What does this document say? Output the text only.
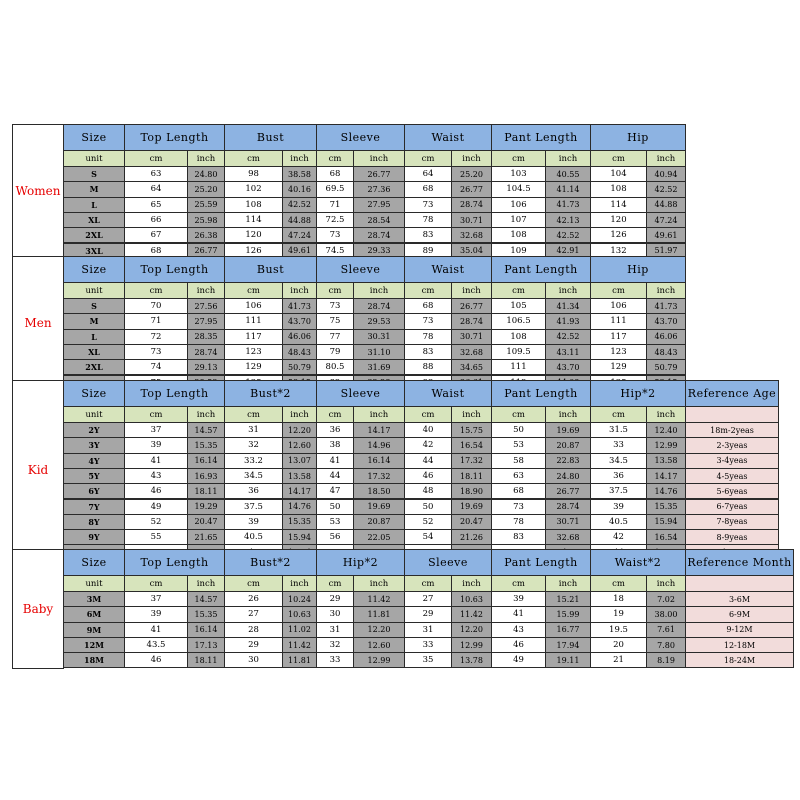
Women
Size	Top Length	Bust	Sleeve	Waist	Pant Length	Hip
unit	cm	inch	cm	inch	cm	inch	cm	inch	cm	inch	cm	inch
S	63	24.80	98	38.58	68	26.77	64	25.20	103	40.55	104	40.94
M	64	25.20	102	40.16	69.5	27.36	68	26.77	104.5	41.14	108	42.52
L	65	25.59	108	42.52	71	27.95	73	28.74	106	41.73	114	44.88
XL	66	25.98	114	44.88	72.5	28.54	78	30.71	107	42.13	120	47.24
2XL	67	26.38	120	47.24	73	28.74	83	32.68	108	42.52	126	49.61
3XL	68	26.77	126	49.61	74.5	29.33	89	35.04	109	42.91	132	51.97
Men
Size	Top Length	Bust	Sleeve	Waist	Pant Length	Hip
unit	cm	inch	cm	inch	cm	inch	cm	inch	cm	inch	cm	inch
S	70	27.56	106	41.73	73	28.74	68	26.77	105	41.34	106	41.73
M	71	27.95	111	43.70	75	29.53	73	28.74	106.5	41.93	111	43.70
L	72	28.35	117	46.06	77	30.31	78	30.71	108	42.52	117	46.06
XL	73	28.74	123	48.43	79	31.10	83	32.68	109.5	43.11	123	48.43
2XL	74	29.13	129	50.79	80.5	31.69	88	34.65	111	43.70	129	50.79
Kid
Size	Top Length	Bust*2	Sleeve	Waist	Pant Length	Hip*2	Reference Age
unit	cm	inch	cm	inch	cm	inch	cm	inch	cm	inch	cm	inch
2Y	37	14.57	31	12.20	36	14.17	40	15.75	50	19.69	31.5	12.40	18m-2yeas
3Y	39	15.35	32	12.60	38	14.96	42	16.54	53	20.87	33	12.99	2-3yeas
4Y	41	16.14	33.2	13.07	41	16.14	44	17.32	58	22.83	34.5	13.58	3-4yeas
5Y	43	16.93	34.5	13.58	44	17.32	46	18.11	63	24.80	36	14.17	4-5yeas
6Y	46	18.11	36	14.17	47	18.50	48	18.90	68	26.77	37.5	14.76	5-6yeas
7Y	49	19.29	37.5	14.76	50	19.69	50	19.69	73	28.74	39	15.35	6-7yeas
8Y	52	20.47	39	15.35	53	20.87	52	20.47	78	30.71	40.5	15.94	7-8yeas
9Y	55	21.65	40.5	15.94	56	22.05	54	21.26	83	32.68	42	16.54	8-9yeas
Baby
Size	Top Length	Bust*2	Hip*2	Sleeve	Pant Length	Waist*2	Reference Month
unit	cm	inch	cm	inch	cm	inch	cm	inch	cm	inch	cm	inch
3M	37	14.57	26	10.24	29	11.42	27	10.63	39	15.21	18	7.02	3-6M
6M	39	15.35	27	10.63	30	11.81	29	11.42	41	15.99	19	38.00	6-9M
9M	41	16.14	28	11.02	31	12.20	31	12.20	43	16.77	19.5	7.61	9-12M
12M	43.5	17.13	29	11.42	32	12.60	33	12.99	46	17.94	20	7.80	12-18M
18M	46	18.11	30	11.81	33	12.99	35	13.78	49	19.11	21	8.19	18-24M
